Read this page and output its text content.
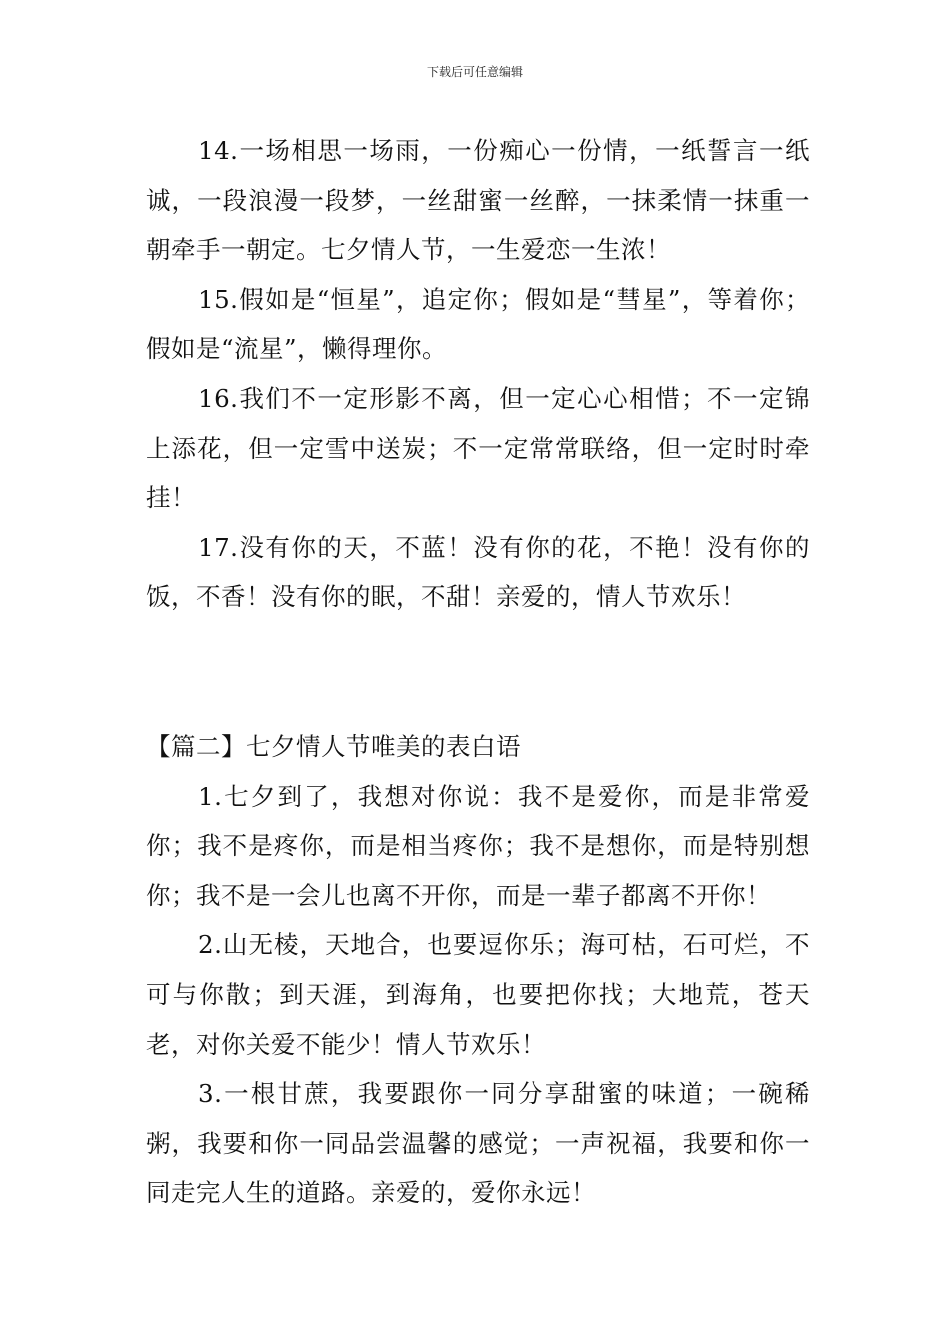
下载后可任意编辑

14.一场相思一场雨，一份痴心一份情，一纸誓言一纸诚，一段浪漫一段梦，一丝甜蜜一丝醉，一抹柔情一抹重一朝牵手一朝定。七夕情人节，一生爱恋一生浓！

15.假如是“恒星”，追定你；假如是“彗星”，等着你；假如是“流星”，懒得理你。

16.我们不一定形影不离，但一定心心相惜；不一定锦上添花，但一定雪中送炭；不一定常常联络，但一定时时牵挂！

17.没有你的天，不蓝！没有你的花，不艳！没有你的饭，不香！没有你的眠，不甜！亲爱的，情人节欢乐！

【篇二】七夕情人节唯美的表白语

1.七夕到了，我想对你说：我不是爱你，而是非常爱你；我不是疼你，而是相当疼你；我不是想你，而是特别想你；我不是一会儿也离不开你，而是一辈子都离不开你！

2.山无棱，天地合，也要逗你乐；海可枯，石可烂，不可与你散；到天涯，到海角，也要把你找；大地荒，苍天老，对你关爱不能少！情人节欢乐！

3.一根甘蔗，我要跟你一同分享甜蜜的味道；一碗稀粥，我要和你一同品尝温馨的感觉；一声祝福，我要和你一同走完人生的道路。亲爱的，爱你永远！
